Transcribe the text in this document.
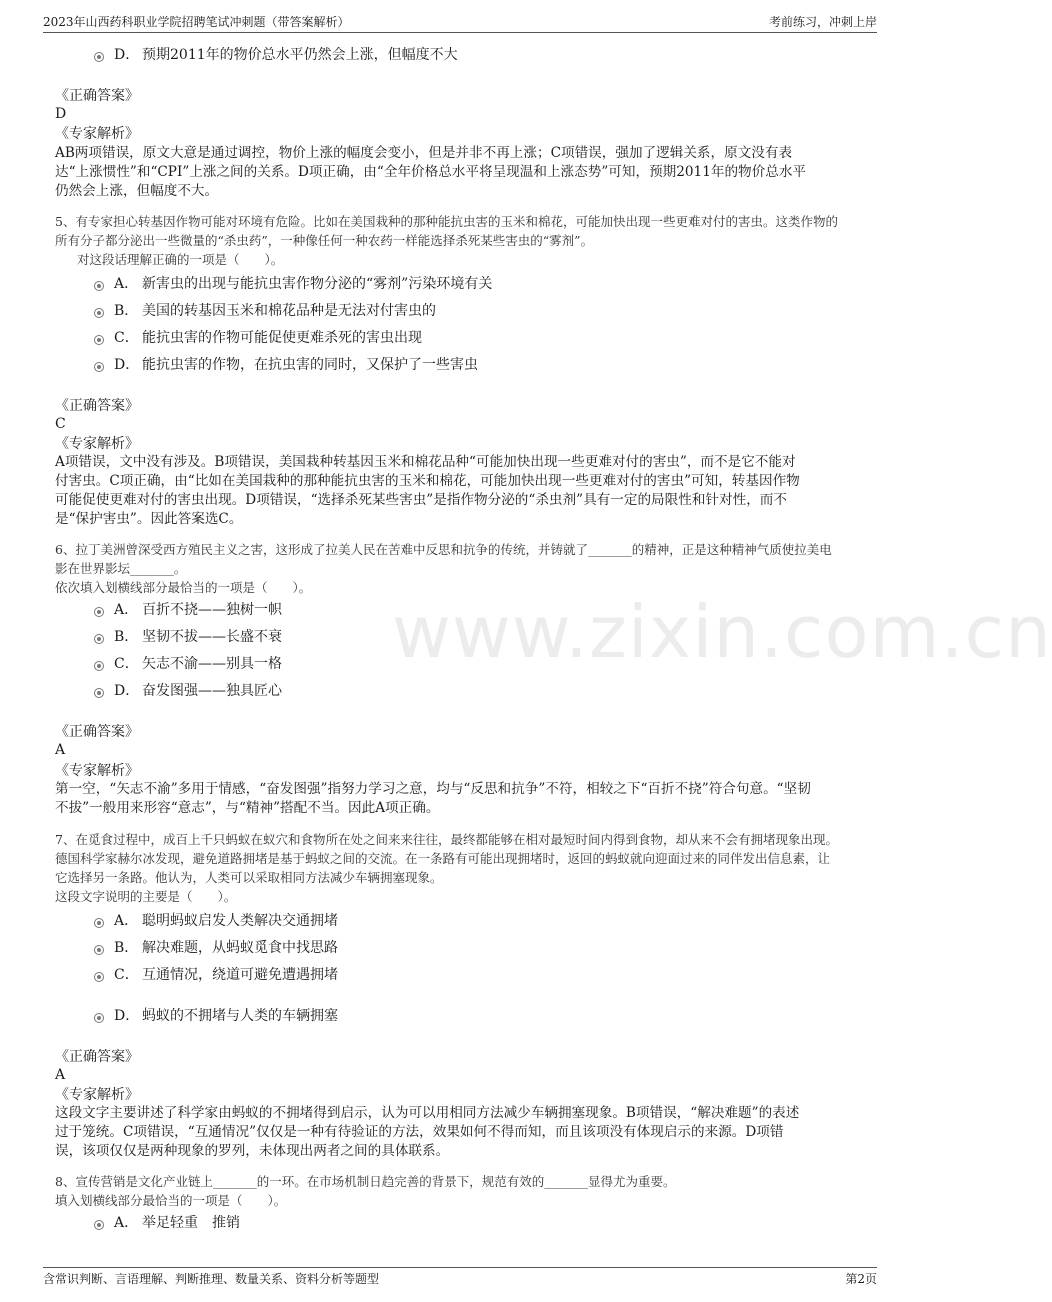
2023年山西药科职业学院招聘笔试冲刺题（带答案解析）	考前练习，冲刺上岸
www.zixin.com.cn
D． 预期2011年的物价总水平仍然会上涨，但幅度不大
《正确答案》
D
《专家解析》
AB两项错误，原文大意是通过调控，物价上涨的幅度会变小，但是并非不再上涨；C项错误，强加了逻辑关系，原文没有表
达“上涨惯性”和“CPI”上涨之间的关系。D项正确，由“全年价格总水平将呈现温和上涨态势”可知，预期2011年的物价总水平
仍然会上涨，但幅度不大。
5、有专家担心转基因作物可能对环境有危险。比如在美国栽种的那种能抗虫害的玉米和棉花，可能加快出现一些更难对付的害虫。这类作物的
所有分子都分泌出一些微量的“杀虫药”，一种像任何一种农药一样能选择杀死某些害虫的“雾剂”。
对这段话理解正确的一项是（　　）。
A． 新害虫的出现与能抗虫害作物分泌的“雾剂”污染环境有关
B． 美国的转基因玉米和棉花品种是无法对付害虫的
C． 能抗虫害的作物可能促使更难杀死的害虫出现
D． 能抗虫害的作物，在抗虫害的同时，又保护了一些害虫
《正确答案》
C
《专家解析》
A项错误，文中没有涉及。B项错误，美国栽种转基因玉米和棉花品种“可能加快出现一些更难对付的害虫”，而不是它不能对
付害虫。C项正确，由“比如在美国栽种的那种能抗虫害的玉米和棉花，可能加快出现一些更难对付的害虫”可知，转基因作物
可能促使更难对付的害虫出现。D项错误，“选择杀死某些害虫”是指作物分泌的“杀虫剂”具有一定的局限性和针对性，而不
是“保护害虫”。因此答案选C。
6、拉丁美洲曾深受西方殖民主义之害，这形成了拉美人民在苦难中反思和抗争的传统，并铸就了_______的精神，正是这种精神气质使拉美电
影在世界影坛_______。
依次填入划横线部分最恰当的一项是（　　）。
A． 百折不挠——独树一帜
B． 坚韧不拔——长盛不衰
C． 矢志不渝——别具一格
D． 奋发图强——独具匠心
《正确答案》
A
《专家解析》
第一空，“矢志不渝”多用于情感，“奋发图强”指努力学习之意，均与“反思和抗争”不符，相较之下“百折不挠”符合句意。“坚韧
不拔”一般用来形容“意志”，与“精神”搭配不当。因此A项正确。
7、在觅食过程中，成百上千只蚂蚁在蚁穴和食物所在处之间来来往往，最终都能够在相对最短时间内得到食物，却从来不会有拥堵现象出现。
德国科学家赫尔冰发现，避免道路拥堵是基于蚂蚁之间的交流。在一条路有可能出现拥堵时，返回的蚂蚁就向迎面过来的同伴发出信息素，让
它选择另一条路。他认为，人类可以采取相同方法减少车辆拥塞现象。
这段文字说明的主要是（　　）。
A． 聪明蚂蚁启发人类解决交通拥堵
B． 解决难题，从蚂蚁觅食中找思路
C． 互通情况，绕道可避免遭遇拥堵
D． 蚂蚁的不拥堵与人类的车辆拥塞
《正确答案》
A
《专家解析》
这段文字主要讲述了科学家由蚂蚁的不拥堵得到启示，认为可以用相同方法减少车辆拥塞现象。B项错误，“解决难题”的表述
过于笼统。C项错误，“互通情况”仅仅是一种有待验证的方法，效果如何不得而知，而且该项没有体现启示的来源。D项错
误，该项仅仅是两种现象的罗列，未体现出两者之间的具体联系。
8、宣传营销是文化产业链上_______的一环。在市场机制日趋完善的背景下，规范有效的_______显得尤为重要。
填入划横线部分最恰当的一项是（　　）。
A． 举足轻重　推销
含常识判断、言语理解、判断推理、数量关系、资料分析等题型	第2页
